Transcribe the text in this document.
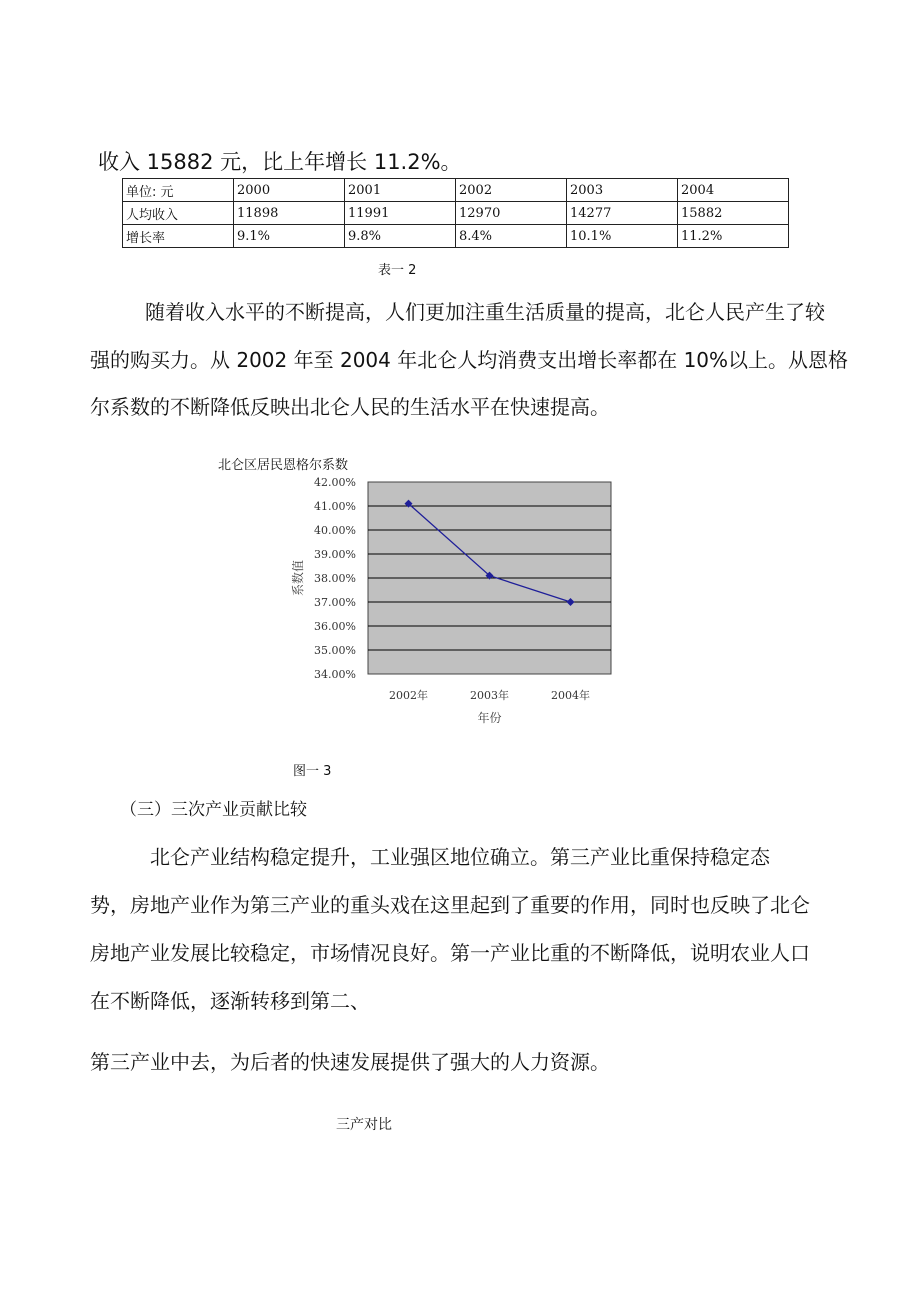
收入 15882 元，比上年增长 11.2%。

单位: 元	2000	2001	2002	2003	2004
人均收入	11898	11991	12970	14277	15882
增长率	9.1%	9.8%	8.4%	10.1%	11.2%
表一 2

随着收入水平的不断提高，人们更加注重生活质量的提高，北仑人民产生了较

强的购买力。从 2002 年至 2004 年北仑人均消费支出增长率都在 10%以上。从恩格

尔系数的不断降低反映出北仑人民的生活水平在快速提高。

北仑区居民恩格尔系数
42.00%
41.00%
40.00%
39.00%
38.00%
37.00%
36.00%
35.00%
34.00%
2002年	2003年	2004年
年份
系数值
图一 3

（三）三次产业贡献比较

北仑产业结构稳定提升，工业强区地位确立。第三产业比重保持稳定态

势，房地产业作为第三产业的重头戏在这里起到了重要的作用，同时也反映了北仑

房地产业发展比较稳定，市场情况良好。第一产业比重的不断降低，说明农业人口

在不断降低，逐渐转移到第二、

第三产业中去，为后者的快速发展提供了强大的人力资源。

三产对比
